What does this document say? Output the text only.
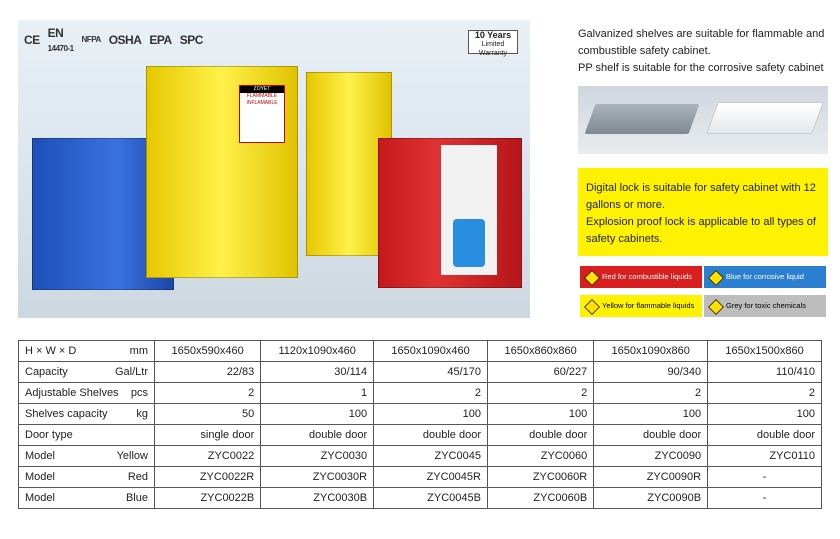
CE EN
14470-1
NFPA OSHA EPA SPC	10 Years
Limited Warranty
ZOYET
FLAMMABLE
INFLAMABLE
Galvanized shelves are suitable for flammable and
combustible safety cabinet.
PP shelf is suitable for the corrosive safety cabinet
Digital lock is suitable for safety cabinet with 12
gallons or more.
Explosion proof lock is applicable to all types of
safety cabinets.
Red for combustible liquids	Blue for corrosive liquid
Yellow for flammable liquids	Grey for toxic chemicals
H × W × D mm	1650x590x460	1120x1090x460	1650x1090x460	1650x860x860	1650x1090x860	1650x1500x860

Capacity Gal/Ltr	22/83	30/114	45/170	60/227	90/340	110/410

Adjustable Shelves pcs	2	1	2	2	2	2

Shelves capacity kg	50	100	100	100	100	100

Door type	single door	double door	double door	double door	double door	double door

Model Yellow	ZYC0022	ZYC0030	ZYC0045	ZYC0060	ZYC0090	ZYC0110

Model Red	ZYC0022R	ZYC0030R	ZYC0045R	ZYC0060R	ZYC0090R	-

Model Blue	ZYC0022B	ZYC0030B	ZYC0045B	ZYC0060B	ZYC0090B	-
